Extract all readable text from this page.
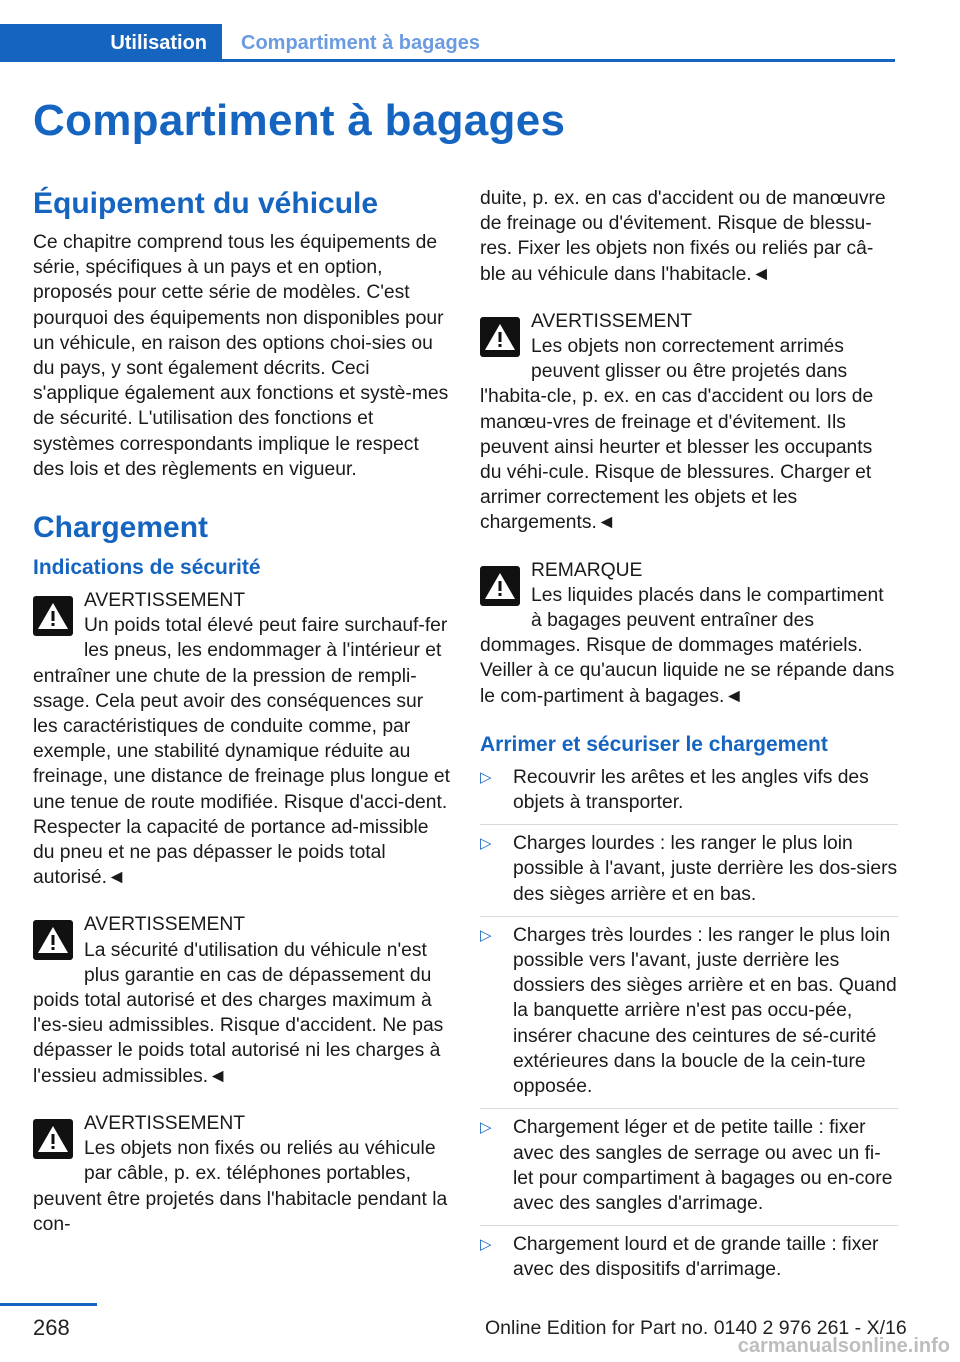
Utilisation	Compartiment à bagages
Compartiment à bagages
Équipement du véhicule

Ce chapitre comprend tous les équipements de série, spécifiques à un pays et en option, proposés pour cette série de modèles. C'est pourquoi des équipements non disponibles pour un véhicule, en raison des options choi-sies ou du pays, y sont également décrits. Ceci s'applique également aux fonctions et systè-mes de sécurité. L'utilisation des fonctions et systèmes correspondants implique le respect des lois et des règlements en vigueur.

Chargement
Indications de sécurité
AVERTISSEMENT
Un poids total élevé peut faire surchauf-fer les pneus, les endommager à l'intérieur et entraîner une chute de la pression de rempli-ssage. Cela peut avoir des conséquences sur les caractéristiques de conduite comme, par exemple, une stabilité dynamique réduite au freinage, une distance de freinage plus longue et une tenue de route modifiée. Risque d'acci-dent. Respecter la capacité de portance ad-missible du pneu et ne pas dépasser le poids total autorisé.◄
AVERTISSEMENT
La sécurité d'utilisation du véhicule n'est plus garantie en cas de dépassement du poids total autorisé et des charges maximum à l'es-sieu admissibles. Risque d'accident. Ne pas dépasser le poids total autorisé ni les charges à l'essieu admissibles.◄
AVERTISSEMENT
Les objets non fixés ou reliés au véhicule par câble, p. ex. téléphones portables, peuvent être projetés dans l'habitacle pendant la con-

duite, p. ex. en cas d'accident ou de manœuvre de freinage ou d'évitement. Risque de blessu-res. Fixer les objets non fixés ou reliés par câ-ble au véhicule dans l'habitacle.◄

AVERTISSEMENT
Les objets non correctement arrimés peuvent glisser ou être projetés dans l'habita-cle, p. ex. en cas d'accident ou lors de manœu-vres de freinage et d'évitement. Ils peuvent ainsi heurter et blesser les occupants du véhi-cule. Risque de blessures. Charger et arrimer correctement les objets et les chargements.◄
REMARQUE
Les liquides placés dans le compartiment à bagages peuvent entraîner des dommages. Risque de dommages matériels. Veiller à ce qu'aucun liquide ne se répande dans le com-partiment à bagages.◄
Arrimer et sécuriser le chargement
▷ Recouvrir les arêtes et les angles vifs des objets à transporter.
▷ Charges lourdes : les ranger le plus loin possible à l'avant, juste derrière les dos-siers des sièges arrière et en bas.
▷ Charges très lourdes : les ranger le plus loin possible vers l'avant, juste derrière les dossiers des sièges arrière et en bas. Quand la banquette arrière n'est pas occu-pée, insérer chacune des ceintures de sé-curité extérieures dans la boucle de la cein-ture opposée.
▷ Chargement léger et de petite taille : fixer avec des sangles de serrage ou avec un fi-let pour compartiment à bagages ou en-core avec des sangles d'arrimage.
▷ Chargement lourd et de grande taille : fixer avec des dispositifs d'arrimage.
268	Online Edition for Part no. 0140 2 976 261 - X/16
carmanualsonline.info
